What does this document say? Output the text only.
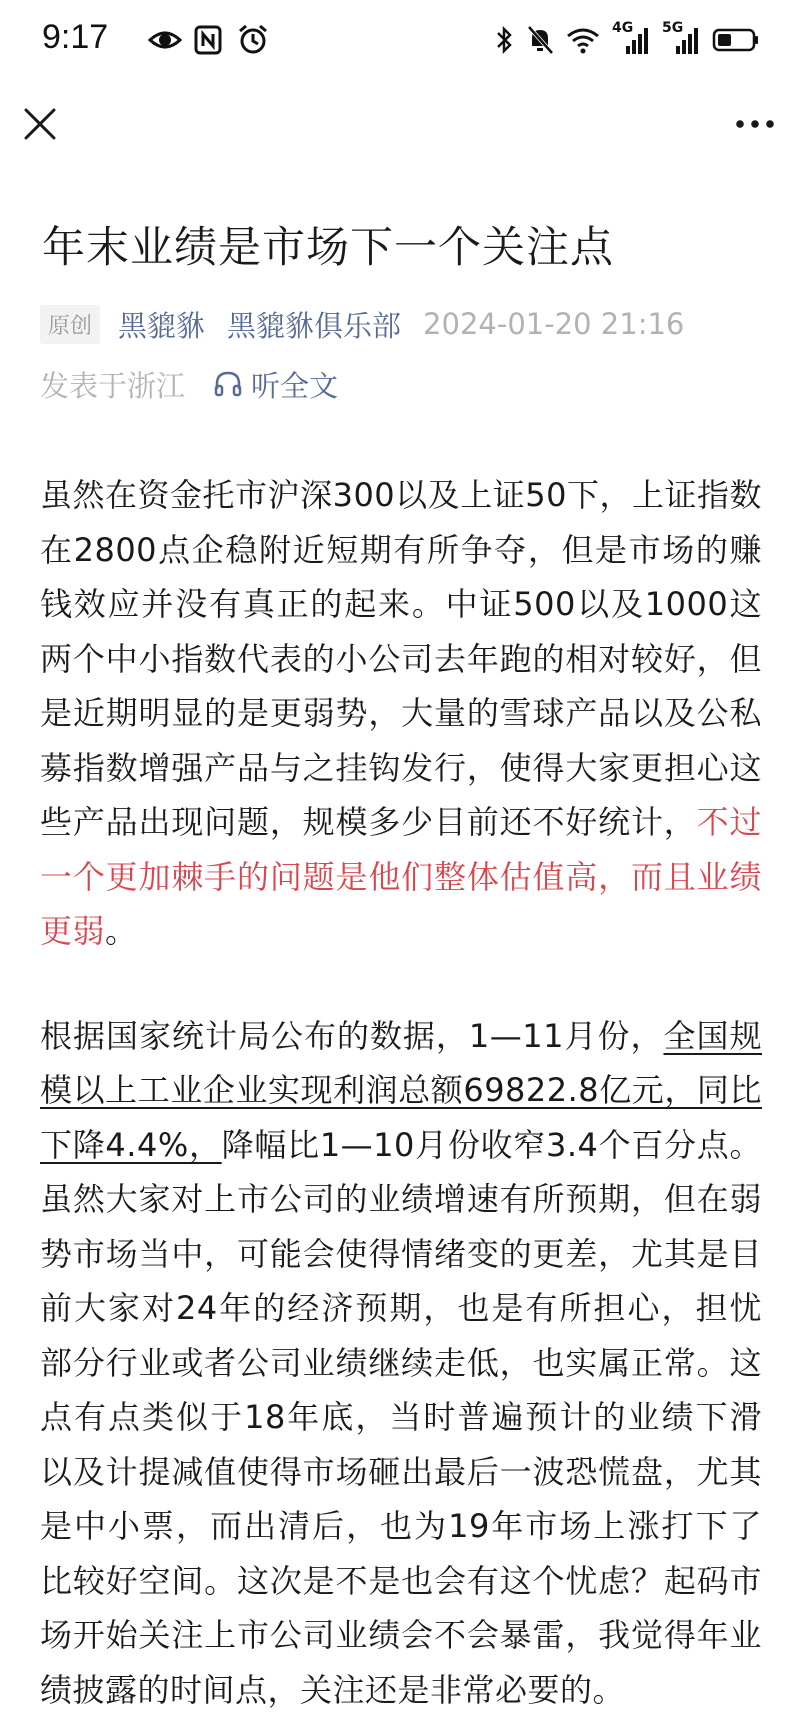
9:17	4G 5G
年末业绩是市场下一个关注点
原创 黑貔貅 黑貔貅俱乐部 2024-01-20 21:16
发表于浙江 听全文

虽然在资金托市沪深300以及上证50下，上证指数在2800点企稳附近短期有所争夺，但是市场的赚钱效应并没有真正的起来。中证500以及1000这两个中小指数代表的小公司去年跑的相对较好，但是近期明显的是更弱势，大量的雪球产品以及公私募指数增强产品与之挂钩发行，使得大家更担心这些产品出现问题，规模多少目前还不好统计，不过一个更加棘手的问题是他们整体估值高，而且业绩更弱。

根据国家统计局公布的数据，1—11月份，全国规模以上工业企业实现利润总额69822.8亿元，同比下降4.4%，降幅比1—10月份收窄3.4个百分点。虽然大家对上市公司的业绩增速有所预期，但在弱势市场当中，可能会使得情绪变的更差，尤其是目前大家对24年的经济预期，也是有所担心，担忧部分行业或者公司业绩继续走低，也实属正常。这点有点类似于18年底，当时普遍预计的业绩下滑以及计提减值使得市场砸出最后一波恐慌盘，尤其是中小票，而出清后，也为19年市场上涨打下了比较好空间。这次是不是也会有这个忧虑？起码市场开始关注上市公司业绩会不会暴雷，我觉得年业绩披露的时间点，关注还是非常必要的。
